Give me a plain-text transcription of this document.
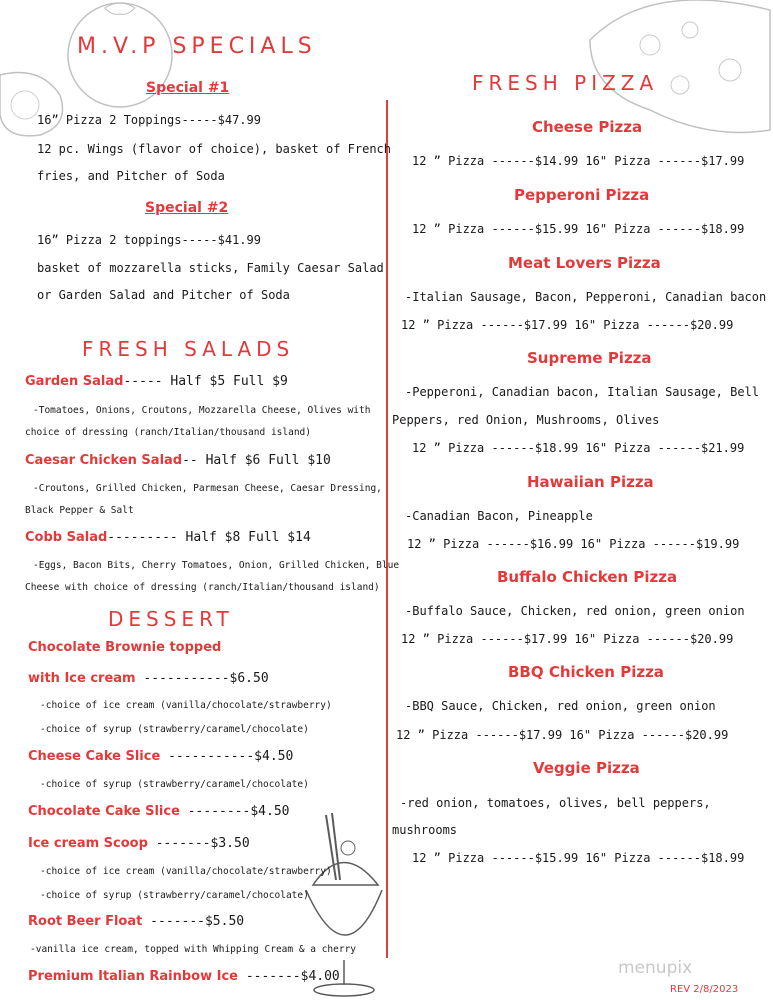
M.V.P SPECIALS
Special #1
16” Pizza 2 Toppings-----$47.99
12 pc. Wings (flavor of choice), basket of French
fries, and Pitcher of Soda
Special #2
16” Pizza 2 toppings-----$41.99
basket of mozzarella sticks, Family Caesar Salad
or Garden Salad and Pitcher of Soda
FRESH SALADS
Garden Salad----- Half $5 Full $9
-Tomatoes, Onions, Croutons, Mozzarella Cheese, Olives with
choice of dressing (ranch/Italian/thousand island)
Caesar Chicken Salad-- Half $6 Full $10
-Croutons, Grilled Chicken, Parmesan Cheese, Caesar Dressing,
Black Pepper & Salt
Cobb Salad--------- Half $8 Full $14
-Eggs, Bacon Bits, Cherry Tomatoes, Onion, Grilled Chicken, Blue
Cheese with choice of dressing (ranch/Italian/thousand island)
DESSERT
Chocolate Brownie topped
with Ice cream -----------$6.50
-choice of ice cream (vanilla/chocolate/strawberry)
-choice of syrup (strawberry/caramel/chocolate)
Cheese Cake Slice -----------$4.50
-choice of syrup (strawberry/caramel/chocolate)
Chocolate Cake Slice --------$4.50
Ice cream Scoop -------$3.50
-choice of ice cream (vanilla/chocolate/strawberry)
-choice of syrup (strawberry/caramel/chocolate)
Root Beer Float -------$5.50
-vanilla ice cream, topped with Whipping Cream & a cherry
Premium Italian Rainbow Ice -------$4.00
FRESH PIZZA
Cheese Pizza
12 ” Pizza ------$14.99 16" Pizza ------$17.99
Pepperoni Pizza
12 ” Pizza ------$15.99 16" Pizza ------$18.99
Meat Lovers Pizza
-Italian Sausage, Bacon, Pepperoni, Canadian bacon
12 ” Pizza ------$17.99 16" Pizza ------$20.99
Supreme Pizza
-Pepperoni, Canadian bacon, Italian Sausage, Bell
Peppers, red Onion, Mushrooms, Olives
12 ” Pizza ------$18.99 16" Pizza ------$21.99
Hawaiian Pizza
-Canadian Bacon, Pineapple
12 ” Pizza ------$16.99 16" Pizza ------$19.99
Buffalo Chicken Pizza
-Buffalo Sauce, Chicken, red onion, green onion
12 ” Pizza ------$17.99 16" Pizza ------$20.99
BBQ Chicken Pizza
-BBQ Sauce, Chicken, red onion, green onion
12 ” Pizza ------$17.99 16" Pizza ------$20.99
Veggie Pizza
-red onion, tomatoes, olives, bell peppers,
mushrooms
12 ” Pizza ------$15.99 16" Pizza ------$18.99
menupix
REV 2/8/2023
